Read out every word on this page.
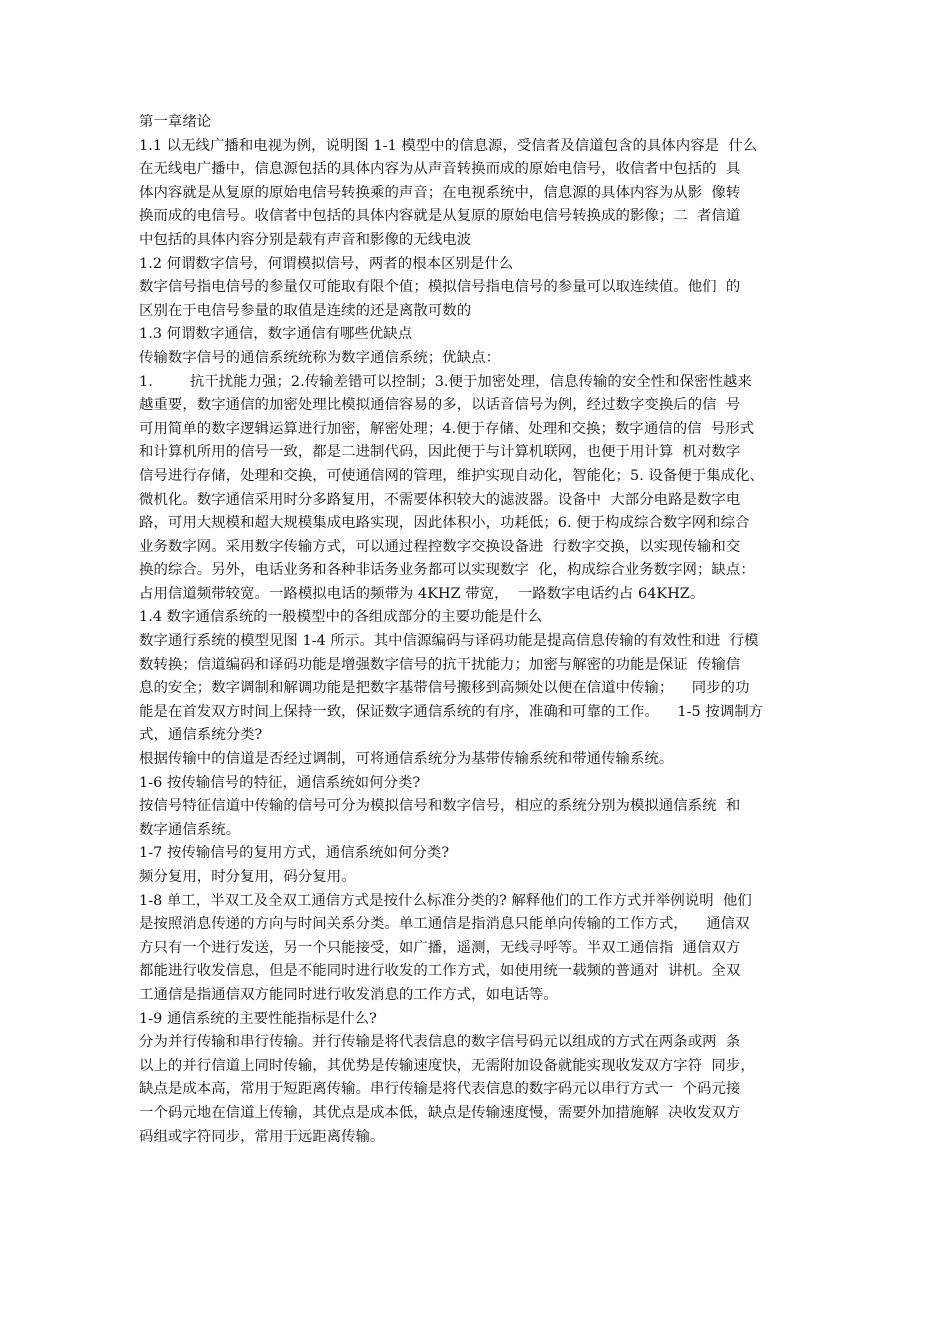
第一章绪论
1.1 以无线广播和电视为例，说明图 1-1 模型中的信息源，受信者及信道包含的具体内容是  什么
在无线电广播中，信息源包括的具体内容为从声音转换而成的原始电信号，收信者中包括的  具
体内容就是从复原的原始电信号转换乘的声音；在电视系统中，信息源的具体内容为从影  像转
换而成的电信号。收信者中包括的具体内容就是从复原的原始电信号转换成的影像；二  者信道
中包括的具体内容分别是载有声音和影像的无线电波
1.2 何谓数字信号，何谓模拟信号，两者的根本区别是什么
数字信号指电信号的参量仅可能取有限个值；模拟信号指电信号的参量可以取连续值。他们  的
区别在于电信号参量的取值是连续的还是离散可数的
1.3 何谓数字通信，数字通信有哪些优缺点
传输数字信号的通信系统统称为数字通信系统；优缺点：
1.        抗干扰能力强；2.传输差错可以控制；3.便于加密处理，信息传输的安全性和保密性越来
越重要，数字通信的加密处理比模拟通信容易的多，以话音信号为例，经过数字变换后的信  号
可用简单的数字逻辑运算进行加密，解密处理；4.便于存储、处理和交换；数字通信的信  号形式
和计算机所用的信号一致，都是二进制代码，因此便于与计算机联网，也便于用计算  机对数字
信号进行存储，处理和交换，可使通信网的管理，维护实现自动化，智能化；5. 设备便于集成化、
微机化。数字通信采用时分多路复用，不需要体积较大的滤波器。设备中  大部分电路是数字电
路，可用大规模和超大规模集成电路实现，因此体积小，功耗低；6. 便于构成综合数字网和综合
业务数字网。采用数字传输方式，可以通过程控数字交换设备进  行数字交换，以实现传输和交
换的综合。另外，电话业务和各种非话务业务都可以实现数字  化，构成综合业务数字网；缺点：
占用信道频带较宽。一路模拟电话的频带为 4KHZ 带宽，  一路数字电话约占 64KHZ。
1.4 数字通信系统的一般模型中的各组成部分的主要功能是什么
数字通行系统的模型见图 1-4 所示。其中信源编码与译码功能是提高信息传输的有效性和进  行模
数转换；信道编码和译码功能是增强数字信号的抗干扰能力；加密与解密的功能是保证  传输信
息的安全；数字调制和解调功能是把数字基带信号搬移到高频处以便在信道中传输；    同步的功
能是在首发双方时间上保持一致，保证数字通信系统的有序，准确和可靠的工作。    1-5 按调制方
式，通信系统分类?
根据传输中的信道是否经过调制，可将通信系统分为基带传输系统和带通传输系统。
1-6 按传输信号的特征，通信系统如何分类?
按信号特征信道中传输的信号可分为模拟信号和数字信号，相应的系统分别为模拟通信系统  和
数字通信系统。
1-7 按传输信号的复用方式，通信系统如何分类?
频分复用，时分复用，码分复用。
1-8 单工，半双工及全双工通信方式是按什么标准分类的? 解释他们的工作方式并举例说明  他们
是按照消息传递的方向与时间关系分类。单工通信是指消息只能单向传输的工作方式，    通信双
方只有一个进行发送，另一个只能接受，如广播，遥测，无线寻呼等。半双工通信指  通信双方
都能进行收发信息，但是不能同时进行收发的工作方式，如使用统一载频的普通对  讲机。全双
工通信是指通信双方能同时进行收发消息的工作方式，如电话等。
1-9 通信系统的主要性能指标是什么?
分为并行传输和串行传输。并行传输是将代表信息的数字信号码元以组成的方式在两条或两  条
以上的并行信道上同时传输，其优势是传输速度快，无需附加设备就能实现收发双方字符  同步，
缺点是成本高，常用于短距离传输。串行传输是将代表信息的数字码元以串行方式一  个码元接
一个码元地在信道上传输，其优点是成本低，缺点是传输速度慢，需要外加措施解  决收发双方
码组或字符同步，常用于远距离传输。
